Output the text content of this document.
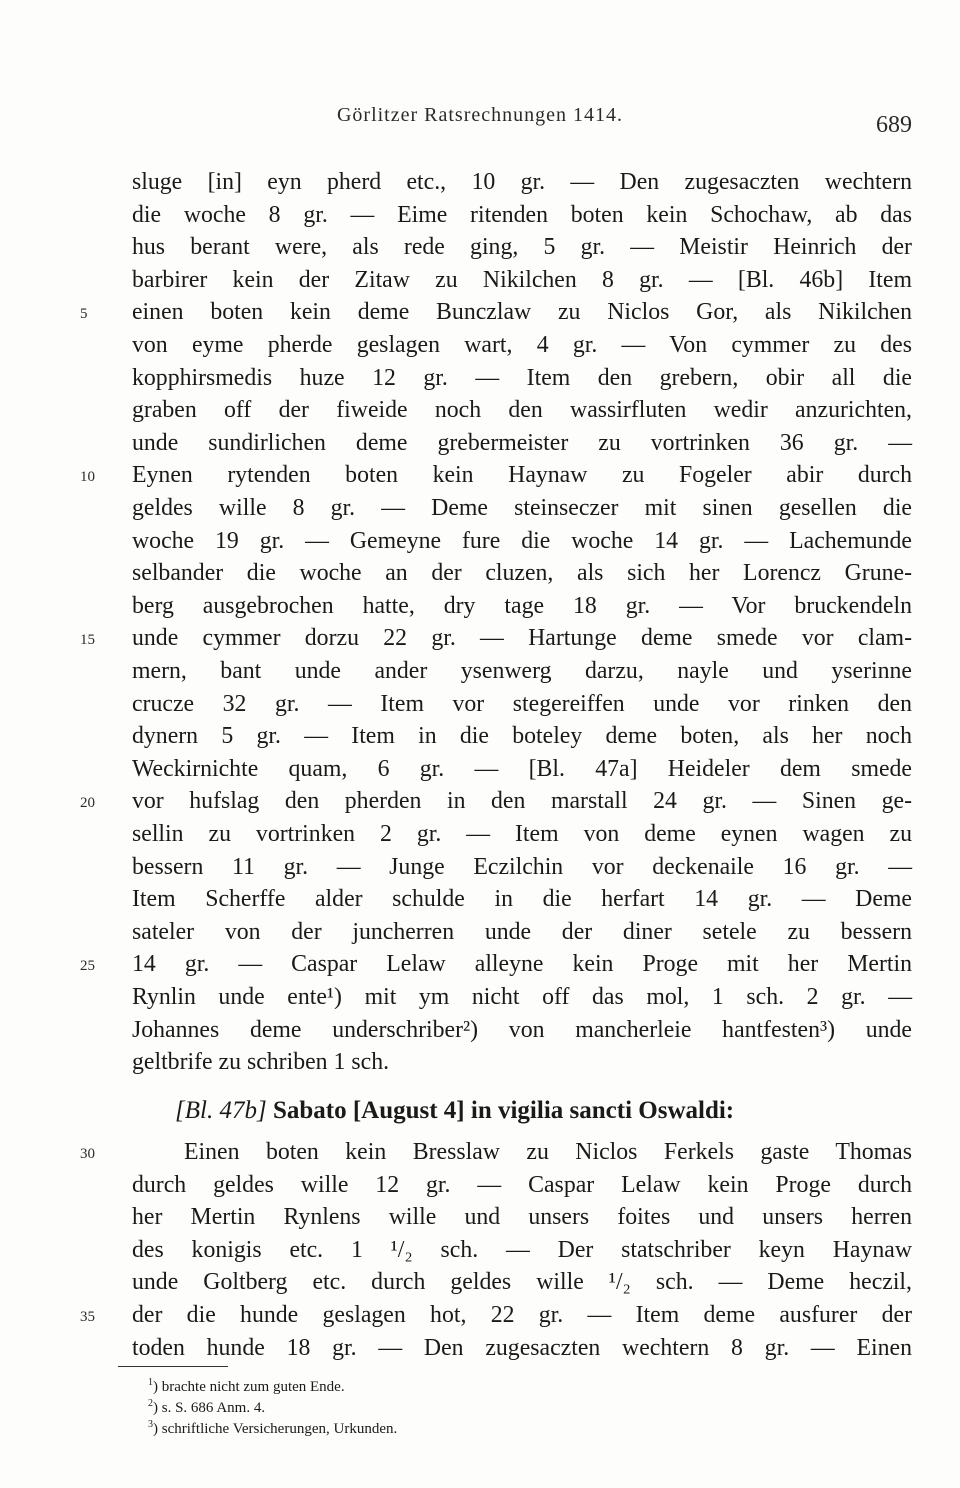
Görlitzer Ratsrechnungen 1414.	689
sluge [in] eyn pherd etc., 10 gr. — Den zugesaczten wechtern
die woche 8 gr. — Eime ritenden boten kein Schochaw, ab das
hus berant were, als rede ging, 5 gr. — Meistir Heinrich der
barbirer kein der Zitaw zu Nikilchen 8 gr. — [Bl. 46b] Item
einen boten kein deme Bunczlaw zu Niclos Gor, als Nikilchen
5
von eyme pherde geslagen wart, 4 gr. — Von cymmer zu des
kopphirsmedis huze 12 gr. — Item den grebern, obir all die
graben off der fiweide noch den wassirfluten wedir anzurichten,
unde sundirlichen deme grebermeister zu vortrinken 36 gr. —
Eynen rytenden boten kein Haynaw zu Fogeler abir durch
10
geldes wille 8 gr. — Deme steinseczer mit sinen gesellen die
woche 19 gr. — Gemeyne fure die woche 14 gr. — Lachemunde
selbander die woche an der cluzen, als sich her Lorencz Grune-
berg ausgebrochen hatte, dry tage 18 gr. — Vor bruckendeln
unde cymmer dorzu 22 gr. — Hartunge deme smede vor clam-
15
mern, bant unde ander ysenwerg darzu, nayle und yserinne
crucze 32 gr. — Item vor stegereiffen unde vor rinken den
dynern 5 gr. — Item in die boteley deme boten, als her noch
Weckirnichte quam, 6 gr. — [Bl. 47a] Heideler dem smede
vor hufslag den pherden in den marstall 24 gr. — Sinen ge-
20
sellin zu vortrinken 2 gr. — Item von deme eynen wagen zu
bessern 11 gr. — Junge Eczilchin vor deckenaile 16 gr. —
Item Scherffe alder schulde in die herfart 14 gr. — Deme
sateler von der juncherren unde der diner setele zu bessern
14 gr. — Caspar Lelaw alleyne kein Proge mit her Mertin
25
Rynlin unde ente¹) mit ym nicht off das mol, 1 sch. 2 gr. —
Johannes deme underschriber²) von mancherleie hantfesten³) unde
geltbrife zu schriben 1 sch.
[Bl. 47b] Sabato [August 4] in vigilia sancti Oswaldi:
Einen boten kein Bresslaw zu Niclos Ferkels gaste Thomas
30
durch geldes wille 12 gr. — Caspar Lelaw kein Proge durch
her Mertin Rynlens wille und unsers foites und unsers herren
des konigis etc. 1 ¹/₂ sch. — Der statschriber keyn Haynaw
unde Goltberg etc. durch geldes wille ¹/₂ sch. — Deme heczil,
der die hunde geslagen hot, 22 gr. — Item deme ausfurer der
35
toden hunde 18 gr. — Den zugesaczten wechtern 8 gr. — Einen
$^1$) brachte nicht zum guten Ende.
$^2$) s. S. 686 Anm. 4.
$^3$) schriftliche Versicherungen, Urkunden.
